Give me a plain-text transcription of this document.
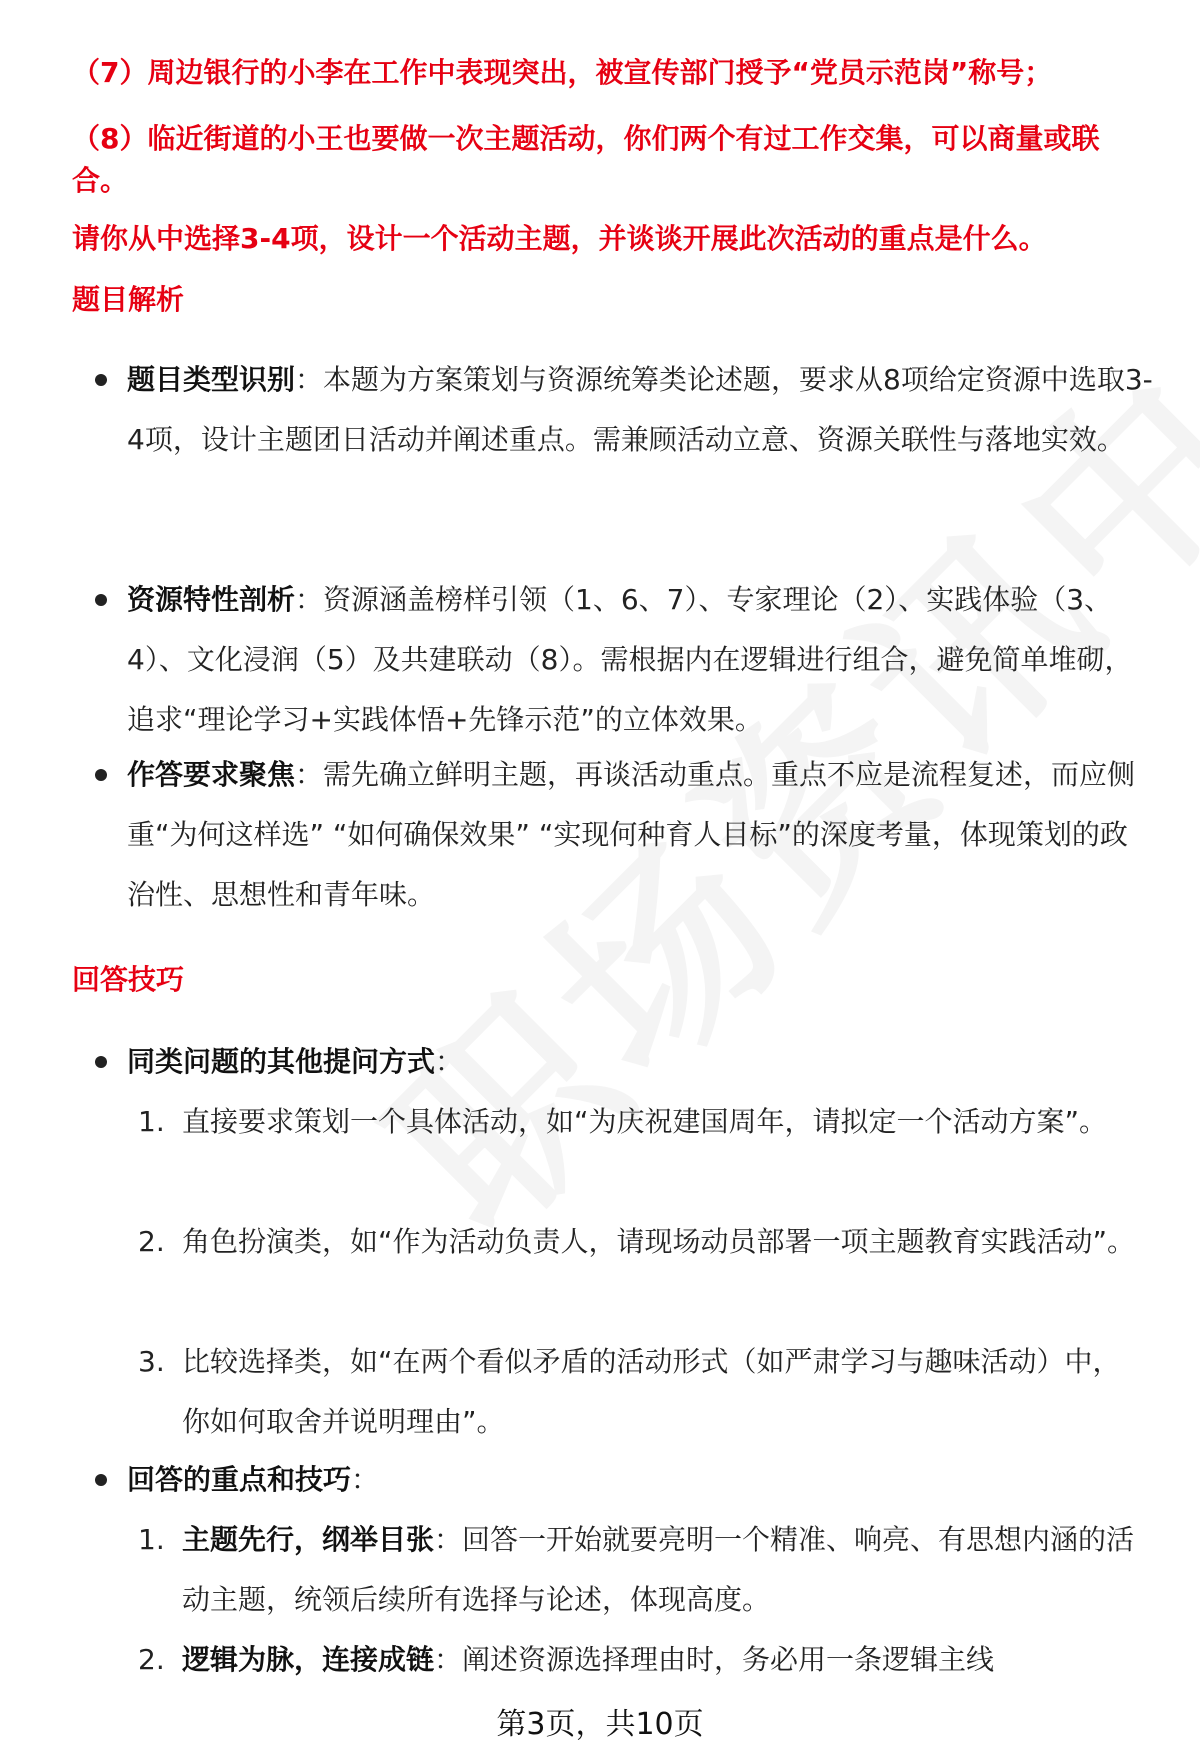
（7）周边银行的小李在工作中表现突出，被宣传部门授予“党员示范岗”称号；
（8）临近街道的小王也要做一次主题活动，你们两个有过工作交集，可以商量或联合。
请你从中选择3-4项，设计一个活动主题，并谈谈开展此次活动的重点是什么。
题目解析
题目类型识别：本题为方案策划与资源统筹类论述题，要求从8项给定资源中选取3-4项，设计主题团日活动并阐述重点。需兼顾活动立意、资源关联性与落地实效。
资源特性剖析：资源涵盖榜样引领（1、6、7）、专家理论（2）、实践体验（3、4）、文化浸润（5）及共建联动（8）。需根据内在逻辑进行组合，避免简单堆砌，追求“理论学习+实践体悟+先锋示范”的立体效果。
作答要求聚焦：需先确立鲜明主题，再谈活动重点。重点不应是流程复述，而应侧重“为何这样选” “如何确保效果” “实现何种育人目标”的深度考量，体现策划的政治性、思想性和青年味。
回答技巧
同类问题的其他提问方式：
1. 直接要求策划一个具体活动，如“为庆祝建国周年，请拟定一个活动方案”。
2. 角色扮演类，如“作为活动负责人，请现场动员部署一项主题教育实践活动”。
3. 比较选择类，如“在两个看似矛盾的活动形式（如严肃学习与趣味活动）中，你如何取舍并说明理由”。
回答的重点和技巧：
1. 主题先行，纲举目张：回答一开始就要亮明一个精准、响亮、有思想内涵的活动主题，统领后续所有选择与论述，体现高度。
2. 逻辑为脉，连接成链：阐述资源选择理由时，务必用一条逻辑主线
第3页，共10页
